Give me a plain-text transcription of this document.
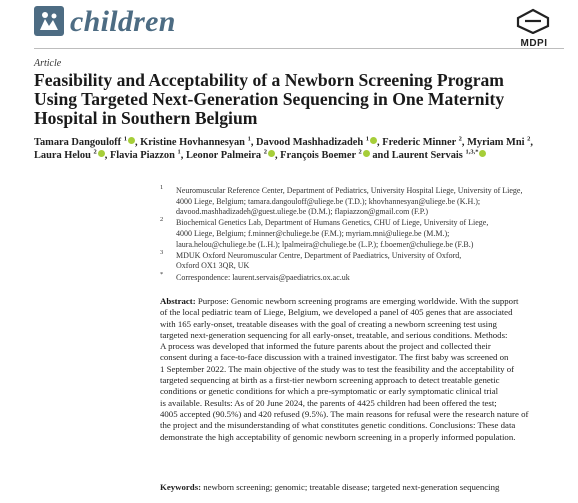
children
MDPI
Article
Feasibility and Acceptability of a Newborn Screening Program
Using Targeted Next-Generation Sequencing in One Maternity
Hospital in Southern Belgium
Tamara Dangouloff $^1$ , Kristine Hovhannesyan $^1$, Davood Mashhadizadeh $^1$ , Frederic Minner $^2$, Myriam Mni $^2$,
Laura Helou $^2$ , Flavia Piazzon $^1$, Leonor Palmeira $^2$ , François Boemer $^2$ and Laurent Servais $^{1,3,*}$
1 Neuromuscular Reference Center, Department of Pediatrics, University Hospital Liege, University of Liege,
4000 Liege, Belgium; tamara.dangouloff@uliege.be (T.D.); khovhannesyan@uliege.be (K.H.);
davood.mashhadizadeh@guest.uliege.be (D.M.); flapiazzon@gmail.com (F.P.)
2 Biochemical Genetics Lab, Department of Humans Genetics, CHU of Liege, University of Liege,
4000 Liege, Belgium; f.minner@chuliege.be (F.M.); myriam.mni@uliege.be (M.M.);
laura.helou@chuliege.be (L.H.); lpalmeira@chuliege.be (L.P.); f.boemer@chuliege.be (F.B.)
3 MDUK Oxford Neuromuscular Centre, Department of Paediatrics, University of Oxford,
Oxford OX1 3QR, UK
* Correspondence: laurent.servais@paediatrics.ox.ac.uk
Abstract: Purpose: Genomic newborn screening programs are emerging worldwide. With the support
of the local pediatric team of Liege, Belgium, we developed a panel of 405 genes that are associated
with 165 early-onset, treatable diseases with the goal of creating a newborn screening test using
targeted next-generation sequencing for all early-onset, treatable, and serious conditions. Methods:
A process was developed that informed the future parents about the project and collected their
consent during a face-to-face discussion with a trained investigator. The first baby was screened on
1 September 2022. The main objective of the study was to test the feasibility and the acceptability of
targeted sequencing at birth as a first-tier newborn screening approach to detect treatable genetic
conditions or genetic conditions for which a pre-symptomatic or early symptomatic clinical trial
is available. Results: As of 20 June 2024, the parents of 4425 children had been offered the test;
4005 accepted (90.5%) and 420 refused (9.5%). The main reasons for refusal were the research nature of
the project and the misunderstanding of what constitutes genetic conditions. Conclusions: These data
demonstrate the high acceptability of genomic newborn screening in a properly informed population.
Keywords: newborn screening; genomic; treatable disease; targeted next-generation sequencing
